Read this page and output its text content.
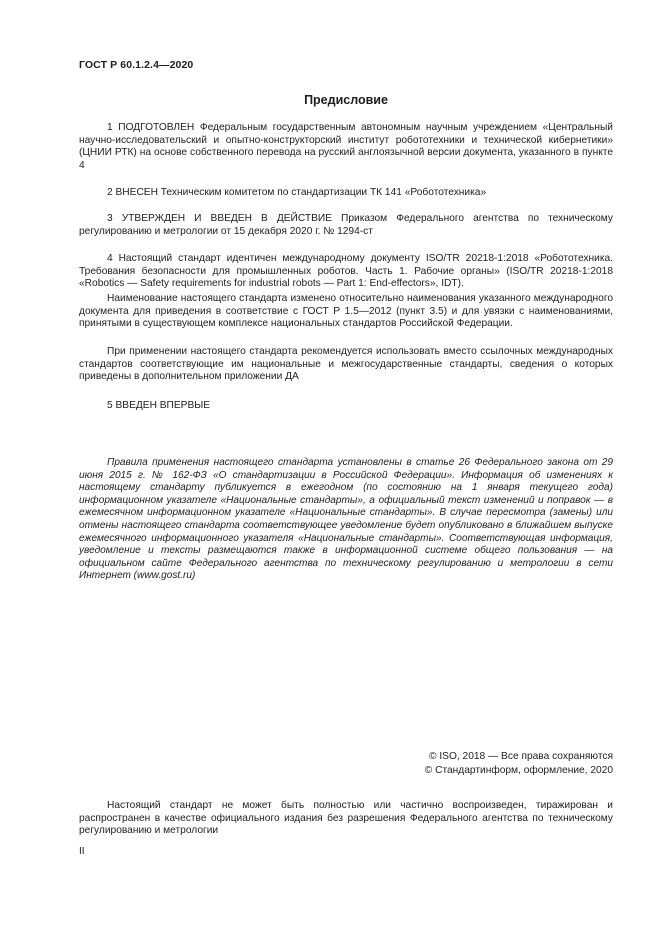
ГОСТ Р 60.1.2.4—2020
Предисловие

1 ПОДГОТОВЛЕН Федеральным государственным автономным научным учреждением «Центральный научно-исследовательский и опытно-конструкторский институт робототехники и технической кибернетики» (ЦНИИ РТК) на основе собственного перевода на русский англоязычной версии документа, указанного в пункте 4

2 ВНЕСЕН Техническим комитетом по стандартизации ТК 141 «Робототехника»

3 УТВЕРЖДЕН И ВВЕДЕН В ДЕЙСТВИЕ Приказом Федерального агентства по техническому регулированию и метрологии от 15 декабря 2020 г. № 1294-ст

4 Настоящий стандарт идентичен международному документу ISO/TR 20218-1:2018 «Робототехника. Требования безопасности для промышленных роботов. Часть 1. Рабочие органы» (ISO/TR 20218-1:2018 «Robotics — Safety requirements for industrial robots — Part 1: End-effectors», IDT).

Наименование настоящего стандарта изменено относительно наименования указанного международного документа для приведения в соответствие с ГОСТ Р 1.5—2012 (пункт 3.5) и для увязки с наименованиями, принятыми в существующем комплексе национальных стандартов Российской Федерации.

При применении настоящего стандарта рекомендуется использовать вместо ссылочных международных стандартов соответствующие им национальные и межгосударственные стандарты, сведения о которых приведены в дополнительном приложении ДА

5 ВВЕДЕН ВПЕРВЫЕ

Правила применения настоящего стандарта установлены в статье 26 Федерального закона от 29 июня 2015 г. № 162-ФЗ «О стандартизации в Российской Федерации». Информация об изменениях к настоящему стандарту публикуется в ежегодном (по состоянию на 1 января текущего года) информационном указателе «Национальные стандарты», а официальный текст изменений и поправок — в ежемесячном информационном указателе «Национальные стандарты». В случае пересмотра (замены) или отмены настоящего стандарта соответствующее уведомление будет опубликовано в ближайшем выпуске ежемесячного информационного указателя «Национальные стандарты». Соответствующая информация, уведомление и тексты размещаются также в информационной системе общего пользования — на официальном сайте Федерального агентства по техническому регулированию и метрологии в сети Интернет (www.gost.ru)

© ISO, 2018 — Все права сохраняются
© Стандартинформ, оформление, 2020

Настоящий стандарт не может быть полностью или частично воспроизведен, тиражирован и распространен в качестве официального издания без разрешения Федерального агентства по техническому регулированию и метрологии

II
